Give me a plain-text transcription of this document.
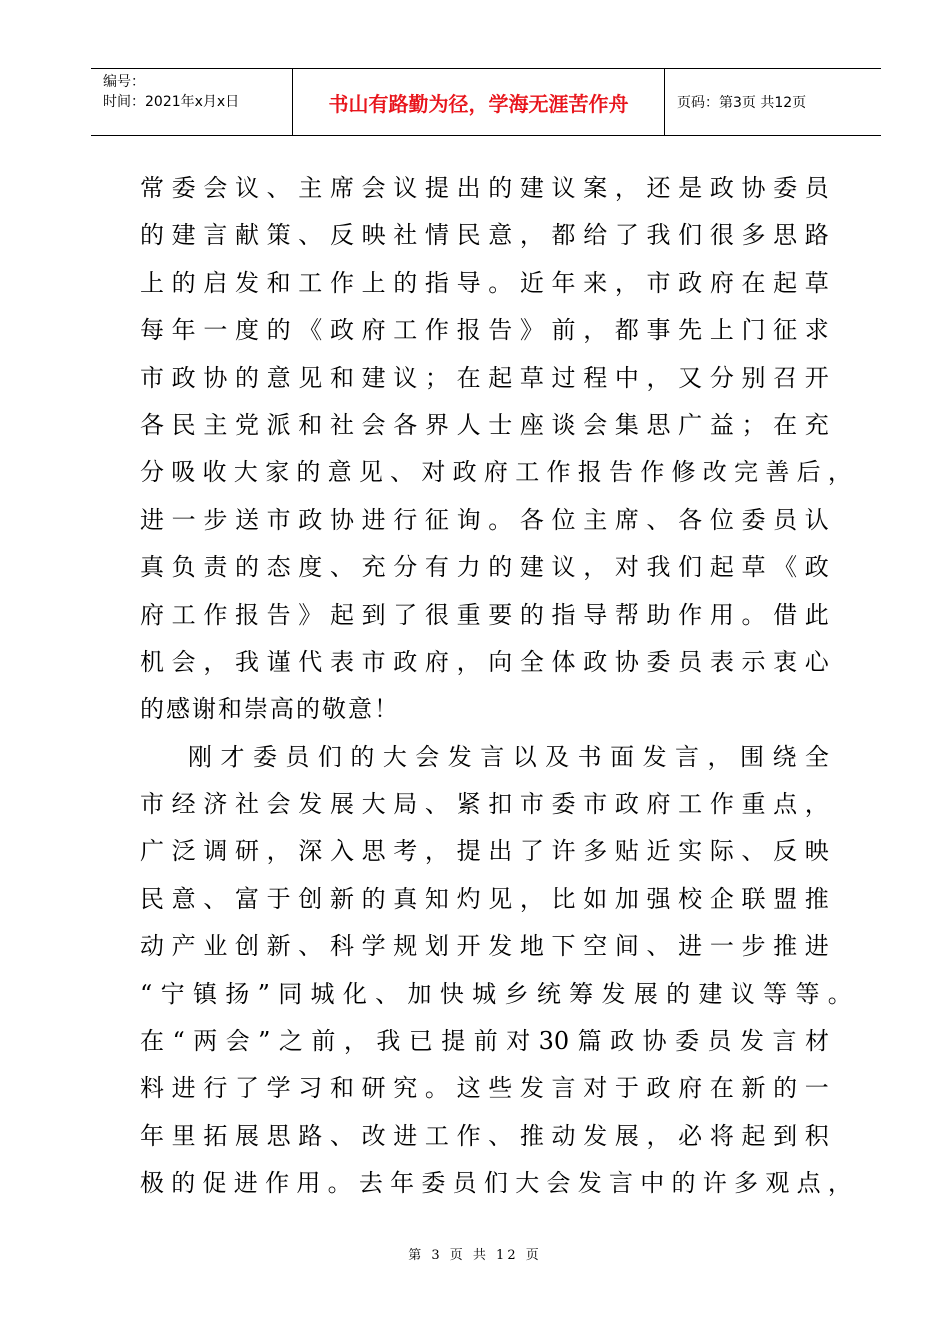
编号：
时间：2021年x月x日	书山有路勤为径，学海无涯苦作舟	页码：第3页 共12页
常 委 会 议 、 主 席 会 议 提 出 的 建 议 案 ， 还 是 政 协 委 员
的 建 言 献 策 、 反 映 社 情 民 意 ， 都 给 了 我 们 很 多 思 路
上 的 启 发 和 工 作 上 的 指 导 。 近 年 来 ， 市 政 府 在 起 草
每 年 一 度 的 《 政 府 工 作 报 告 》 前 ， 都 事 先 上 门 征 求
市 政 协 的 意 见 和 建 议 ； 在 起 草 过 程 中 ， 又 分 别 召 开
各 民 主 党 派 和 社 会 各 界 人 士 座 谈 会 集 思 广 益 ； 在 充
分 吸 收 大 家 的 意 见 、 对 政 府 工 作 报 告 作 修 改 完 善 后 ，
进 一 步 送 市 政 协 进 行 征 询 。 各 位 主 席 、 各 位 委 员 认
真 负 责 的 态 度 、 充 分 有 力 的 建 议 ， 对 我 们 起 草 《 政
府 工 作 报 告 》 起 到 了 很 重 要 的 指 导 帮 助 作 用 。 借 此
机 会 ， 我 谨 代 表 市 政 府 ， 向 全 体 政 协 委 员 表 示 衷 心
的 感 谢 和 崇 高 的 敬 意 ！
刚 才 委 员 们 的 大 会 发 言 以 及 书 面 发 言 ， 围 绕 全
市 经 济 社 会 发 展 大 局 、 紧 扣 市 委 市 政 府 工 作 重 点 ，
广 泛 调 研 ， 深 入 思 考 ， 提 出 了 许 多 贴 近 实 际 、 反 映
民 意 、 富 于 创 新 的 真 知 灼 见 ， 比 如 加 强 校 企 联 盟 推
动 产 业 创 新 、 科 学 规 划 开 发 地 下 空 间 、 进 一 步 推 进
“ 宁 镇 扬 ” 同 城 化 、 加 快 城 乡 统 筹 发 展 的 建 议 等 等 。
在 “ 两 会 ” 之 前 ， 我 已 提 前 对 30 篇 政 协 委 员 发 言 材
料 进 行 了 学 习 和 研 究 。 这 些 发 言 对 于 政 府 在 新 的 一
年 里 拓 展 思 路 、 改 进 工 作 、 推 动 发 展 ， 必 将 起 到 积
极 的 促 进 作 用 。 去 年 委 员 们 大 会 发 言 中 的 许 多 观 点 ，
第 3 页 共 12 页
